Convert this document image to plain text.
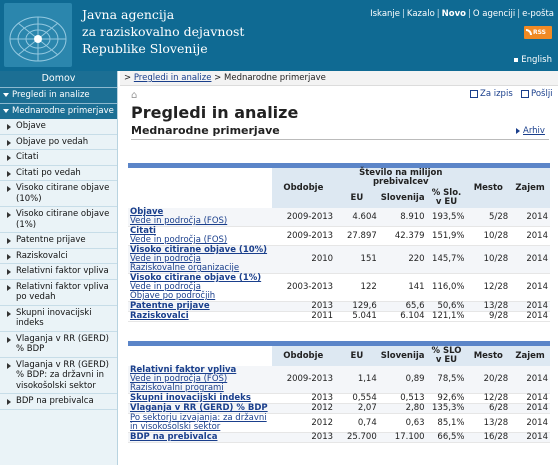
Javna agencija
za raziskovalno dejavnost
Republike Slovenije
Iskanje | Kazalo | Novo | O agenciji | e-pošta
RSS
English
Domov
Pregledi in analize
Mednarodne primerjave
Objave
Objave po vedah
Citati
Citati po vedah
Visoko citirane objave (10%)
Visoko citirane objave (1%)
Patentne prijave
Raziskovalci
Relativni faktor vpliva
Relativni faktor vpliva po vedah
Skupni inovacijski indeks
Vlaganja v RR (GERD) % BDP
Vlaganja v RR (GERD) % BDP: za državni in visokošolski sektor
BDP na prebivalca
> Pregledi in analize > Mednarodne primerjave
⌂	Za izpis	Pošlji
Pregledi in analize
Mednarodne primerjave	Arhiv

	Obdobje	Število na milijon prebivalcev			Mesto	Zajem
		EU	Slovenija	% Slo. v EU		
Objave
Vede in področja (FOS)	2009-2013	4.604	8.910	193,5%	5/28	2014
Citati
Vede in področja (FOS)	2009-2013	27.897	42.379	151,9%	10/28	2014
Visoko citirane objave (10%)
Vede in področja
Raziskovalne organizacije	2010	151	220	145,7%	10/28	2014
Visoko citirane objave (1%)
Vede in področja
Objave po področjih	2003-2013	122	141	116,0%	12/28	2014
Patentne prijave	2013	129,6	65,6	50,6%	13/28	2014
Raziskovalci	2011	5.041	6.104	121,1%	9/28	2014

	Obdobje	EU	Slovenija	% SLO v EU	Mesto	Zajem
Relativni faktor vpliva
Vede in področja (FOS)
Raziskovalni programi	2009-2013	1,14	0,89	78,5%	20/28	2014
Skupni inovacijski indeks	2013	0,554	0,513	92,6%	12/28	2014
Vlaganja v RR (GERD) % BDP	2012	2,07	2,80	135,3%	6/28	2014

Po sektorju izvajanja: za državni in visokošolski sektor	2012	0,74	0,63	85,1%	13/28	2014
BDP na prebivalca	2013	25.700	17.100	66,5%	16/28	2014
